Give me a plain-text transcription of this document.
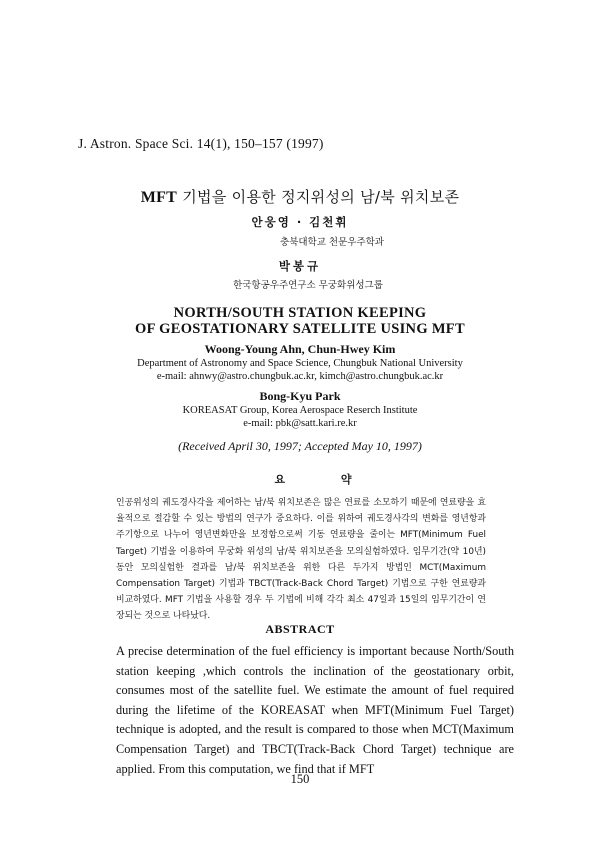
J. Astron. Space Sci. 14(1), 150–157 (1997)
MFT 기법을 이용한 정지위성의 남/북 위치보존
안웅영 · 김천휘
충북대학교 천문우주학과
박봉규
한국항공우주연구소 무궁화위성그룹
NORTH/SOUTH STATION KEEPING
OF GEOSTATIONARY SATELLITE USING MFT
Woong-Young Ahn, Chun-Hwey Kim
Department of Astronomy and Space Science, Chungbuk National University
e-mail: ahnwy@astro.chungbuk.ac.kr, kimch@astro.chungbuk.ac.kr
Bong-Kyu Park
KOREASAT Group, Korea Aerospace Reserch Institute
e-mail: pbk@satt.kari.re.kr
(Received April 30, 1997; Accepted May 10, 1997)
요 약
인공위성의 궤도경사각을 제어하는 남/북 위치보존은 많은 연료를 소모하기 때문에 연료량을 효율적으로 절감할 수 있는 방법의 연구가 중요하다. 이를 위하여 궤도경사각의 변화를 영년항과 주기항으로 나누어 영년변화만을 보정함으로써 기동 연료량을 줄이는 MFT(Minimum Fuel Target) 기법을 이용하여 무궁화 위성의 남/북 위치보존을 모의실험하였다. 임무기간(약 10년)동안 모의실험한 결과를 남/북 위치보존을 위한 다른 두가지 방법인 MCT(Maximum Compensation Target) 기법과 TBCT(Track-Back Chord Target) 기법으로 구한 연료량과 비교하였다. MFT 기법을 사용할 경우 두 기법에 비해 각각 최소 47일과 15일의 임무기간이 연장되는 것으로 나타났다.
ABSTRACT
A precise determination of the fuel efficiency is important because North/South station keeping ,which controls the inclination of the geostationary orbit, consumes most of the satellite fuel. We estimate the amount of fuel required during the lifetime of the KOREASAT when MFT(Minimum Fuel Target) technique is adopted, and the result is compared to those when MCT(Maximum Compensation Target) and TBCT(Track-Back Chord Target) technique are applied. From this computation, we find that if MFT
150
